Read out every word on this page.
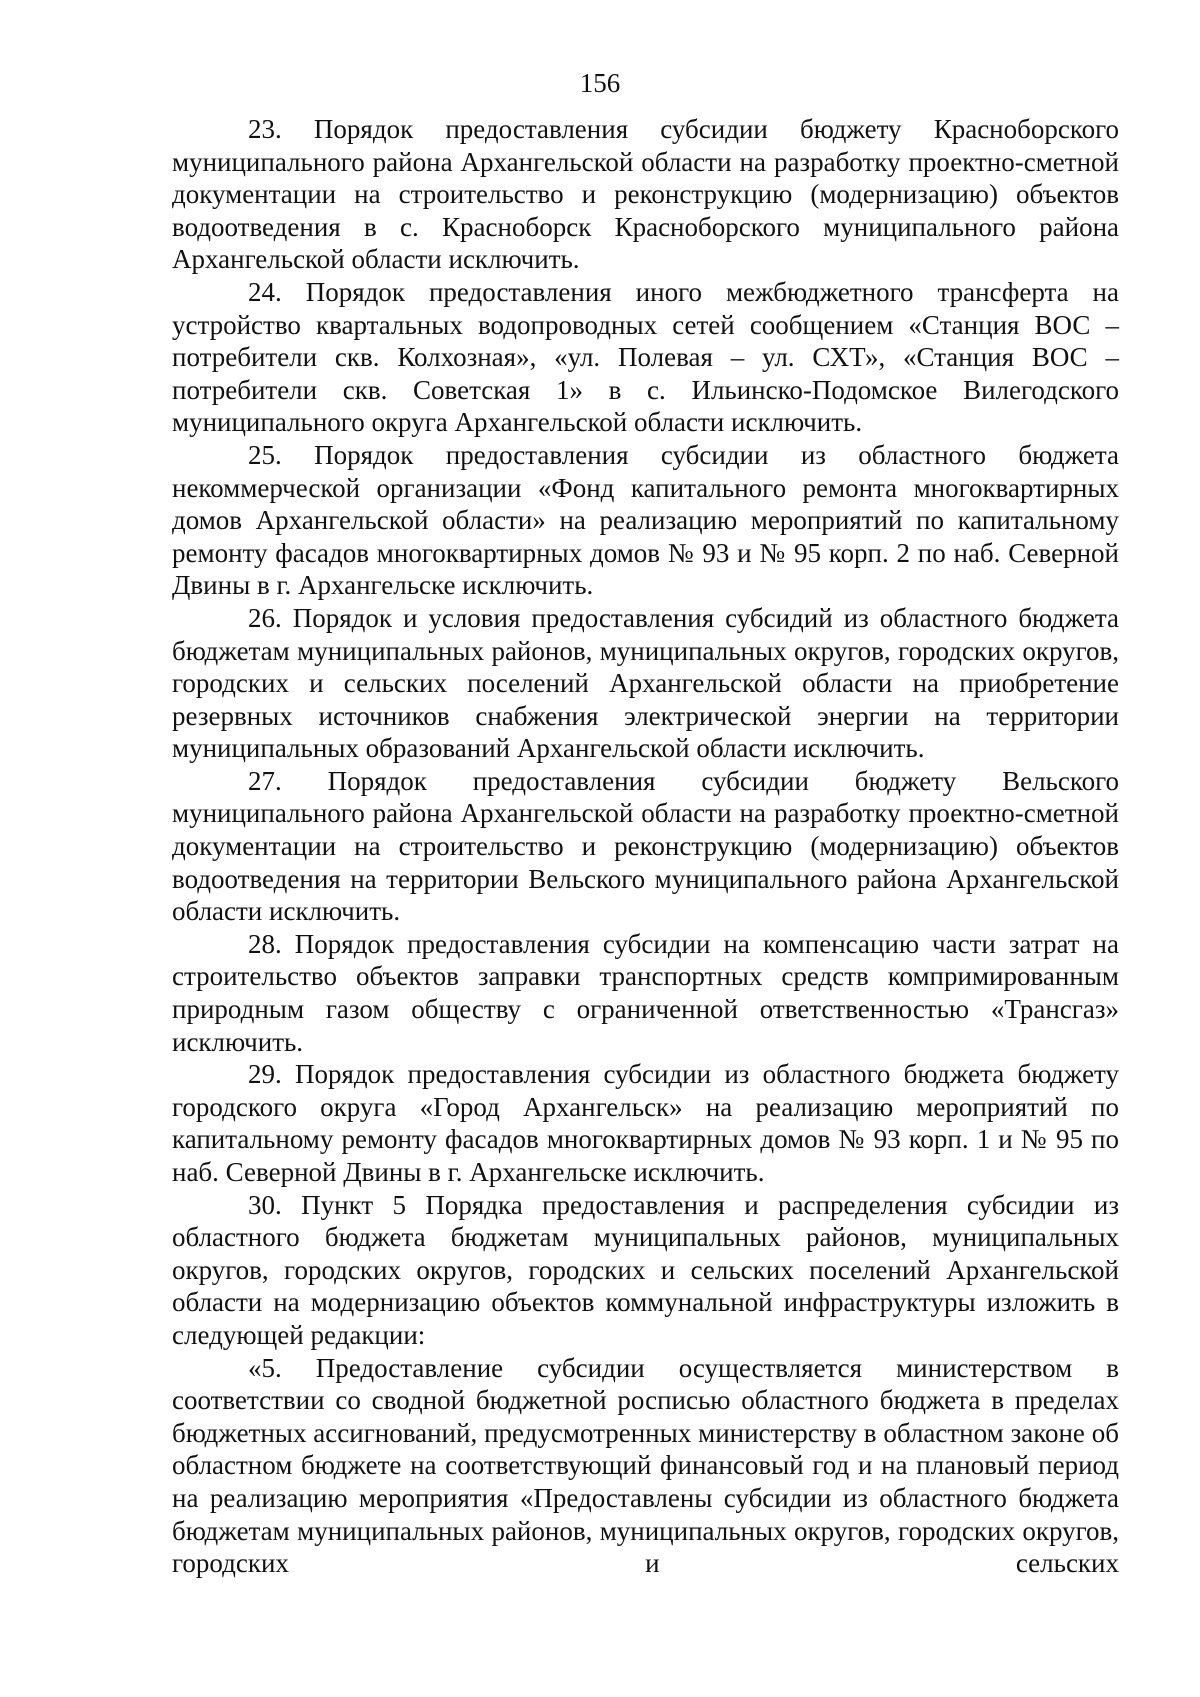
156

23. Порядок предоставления субсидии бюджету Красноборского муниципального района Архангельской области на разработку проектно-сметной документации на строительство и реконструкцию (модернизацию) объектов водоотведения в с. Красноборск Красноборского муниципального района Архангельской области исключить.

24. Порядок предоставления иного межбюджетного трансферта на устройство квартальных водопроводных сетей сообщением «Станция ВОС – потребители скв. Колхозная», «ул. Полевая – ул. СХТ», «Станция ВОС – потребители скв. Советская 1» в с. Ильинско-Подомское Вилегодского муниципального округа Архангельской области исключить.

25. Порядок предоставления субсидии из областного бюджета некоммерческой организации «Фонд капитального ремонта многоквартирных домов Архангельской области» на реализацию мероприятий по капитальному ремонту фасадов многоквартирных домов № 93 и № 95 корп. 2 по наб. Северной Двины в г. Архангельске исключить.

26. Порядок и условия предоставления субсидий из областного бюджета бюджетам муниципальных районов, муниципальных округов, городских округов, городских и сельских поселений Архангельской области на приобретение резервных источников снабжения электрической энергии на территории муниципальных образований Архангельской области исключить.

27. Порядок предоставления субсидии бюджету Вельского муниципального района Архангельской области на разработку проектно-сметной документации на строительство и реконструкцию (модернизацию) объектов водоотведения на территории Вельского муниципального района Архангельской области исключить.

28. Порядок предоставления субсидии на компенсацию части затрат на строительство объектов заправки транспортных средств компримированным природным газом обществу с ограниченной ответственностью «Трансгаз» исключить.

29. Порядок предоставления субсидии из областного бюджета бюджету городского округа «Город Архангельск» на реализацию мероприятий по капитальному ремонту фасадов многоквартирных домов № 93 корп. 1 и № 95 по наб. Северной Двины в г. Архангельске исключить.

30. Пункт 5 Порядка предоставления и распределения субсидии из областного бюджета бюджетам муниципальных районов, муниципальных округов, городских округов, городских и сельских поселений Архангельской области на модернизацию объектов коммунальной инфраструктуры изложить в следующей редакции:

«5. Предоставление субсидии осуществляется министерством в соответствии со сводной бюджетной росписью областного бюджета в пределах бюджетных ассигнований, предусмотренных министерству в областном законе об областном бюджете на соответствующий финансовый год и на плановый период на реализацию мероприятия «Предоставлены субсидии из областного бюджета бюджетам муниципальных районов, муниципальных округов, городских округов, городских и сельских
